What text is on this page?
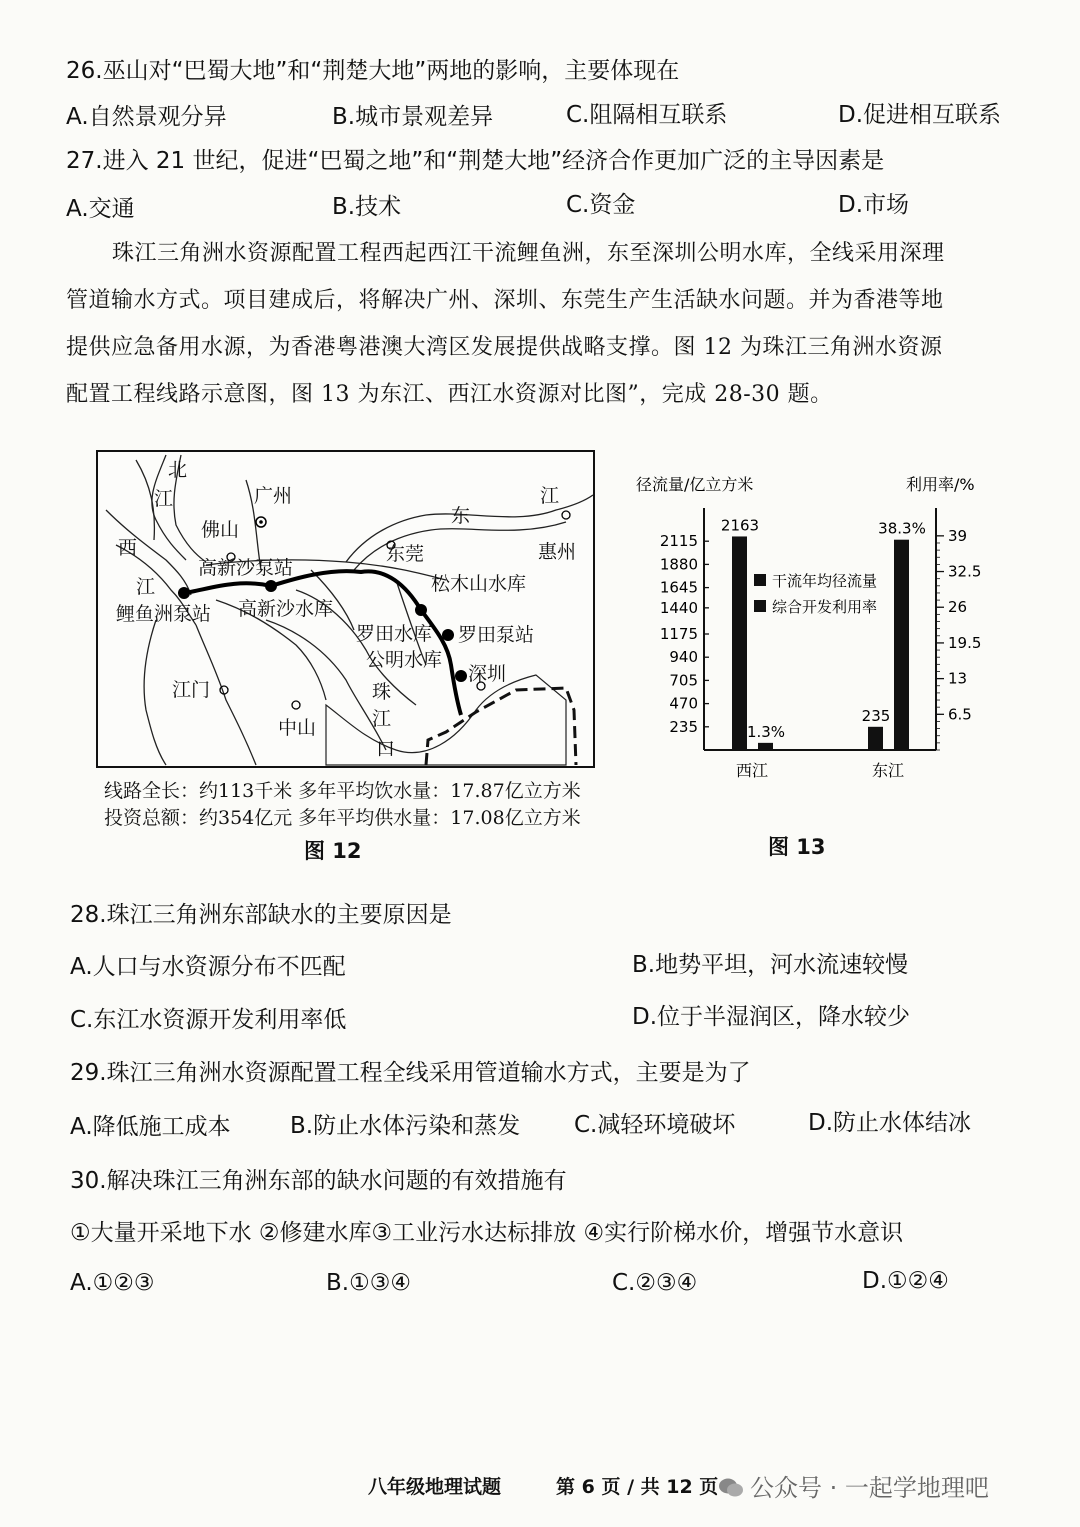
26.巫山对“巴蜀大地”和“荆楚大地”两地的影响，主要体现在
A.自然景观分异	B.城市景观差异	C.阻隔相互联系	D.促进相互联系
27.进入 21 世纪，促进“巴蜀之地”和“荆楚大地”经济合作更加广泛的主导因素是
A.交通	B.技术	C.资金	D.市场
珠江三角洲水资源配置工程西起西江干流鲤鱼洲，东至深圳公明水库，全线采用深理
管道输水方式。项目建成后，将解决广州、深圳、东莞生产生活缺水问题。并为香港等地
提供应急备用水源，为香港粤港澳大湾区发展提供战略支撑。图 12 为珠江三角洲水资源
配置工程线路示意图，图 13 为东江、西江水资源对比图”，完成 28-30 题。
北
江
西
江
广州
佛山
高新沙泵站
高新沙水库
鲤鱼洲泵站
东莞
松木山水库
东
江
惠州
罗田水库 罗田泵站
公明水库
深圳
江门
中山
珠
江
口
线路全长：约113千米 多年平均饮水量：17.87亿立方米
投资总额：约354亿元 多年平均供水量：17.08亿立方米
图 12
径流量/亿立方米	利用率/%
2115
1880
1645
1440
1175
940
705
470
235
39
32.5
26
19.5
13
6.5
2163
1.3%
西江
235
38.3%
东江
干流年均径流量
综合开发利用率
图 13
28.珠江三角洲东部缺水的主要原因是
A.人口与水资源分布不匹配	B.地势平坦，河水流速较慢
C.东江水资源开发利用率低	D.位于半湿润区，降水较少
29.珠江三角洲水资源配置工程全线采用管道输水方式，主要是为了
A.降低施工成本	B.防止水体污染和蒸发 C.减轻环境破坏	D.防止水体结冰
30.解决珠江三角洲东部的缺水问题的有效措施有
①大量开采地下水 ②修建水库③工业污水达标排放 ④实行阶梯水价，增强节水意识
A.①②③	B.①③④	C.②③④	D.①②④
八年级地理试题	第 6 页 / 共 12 页	公众号 · 一起学地理吧
